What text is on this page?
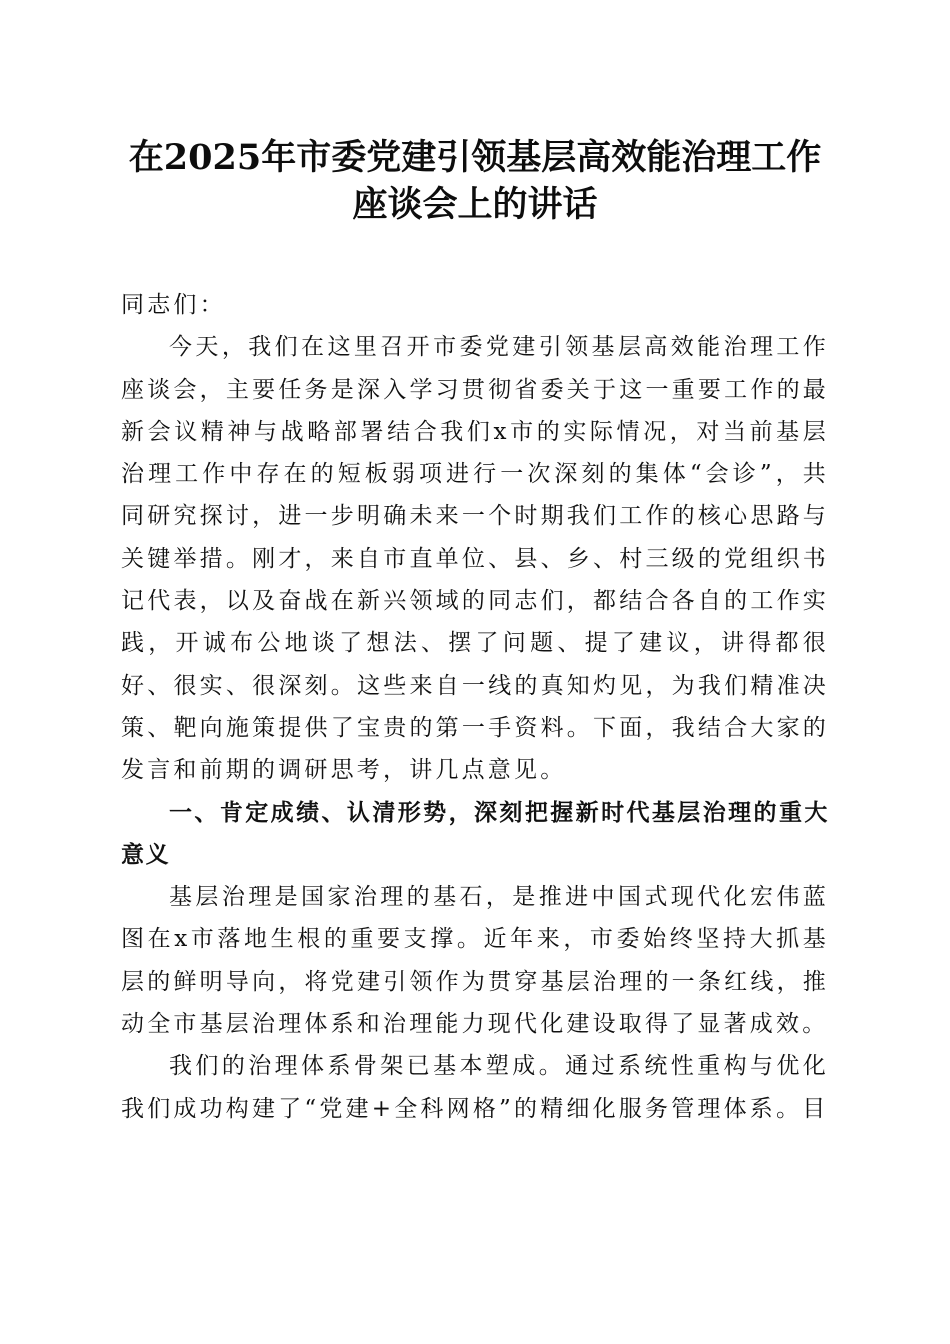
在2025年市委党建引领基层高效能治理工作
座谈会上的讲话

同志们：

今天，我们在这里召开市委党建引领基层高效能治理工作座谈会，主要任务是深入学习贯彻省委关于这一重要工作的最新会议精神与战略部署结合我们x市的实际情况，对当前基层治理工作中存在的短板弱项进行一次深刻的集体“会诊”，共同研究探讨，进一步明确未来一个时期我们工作的核心思路与关键举措。刚才，来自市直单位、县、乡、村三级的党组织书记代表，以及奋战在新兴领域的同志们，都结合各自的工作实践，开诚布公地谈了想法、摆了问题、提了建议，讲得都很好、很实、很深刻。这些来自一线的真知灼见，为我们精准决策、靶向施策提供了宝贵的第一手资料。下面，我结合大家的发言和前期的调研思考，讲几点意见。

一、肯定成绩、认清形势，深刻把握新时代基层治理的重大意义

基层治理是国家治理的基石，是推进中国式现代化宏伟蓝图在x市落地生根的重要支撑。近年来，市委始终坚持大抓基层的鲜明导向，将党建引领作为贯穿基层治理的一条红线，推动全市基层治理体系和治理能力现代化建设取得了显著成效。

我们的治理体系骨架已基本塑成。通过系统性重构与优化我们成功构建了“党建+全科网格”的精细化服务管理体系。目
